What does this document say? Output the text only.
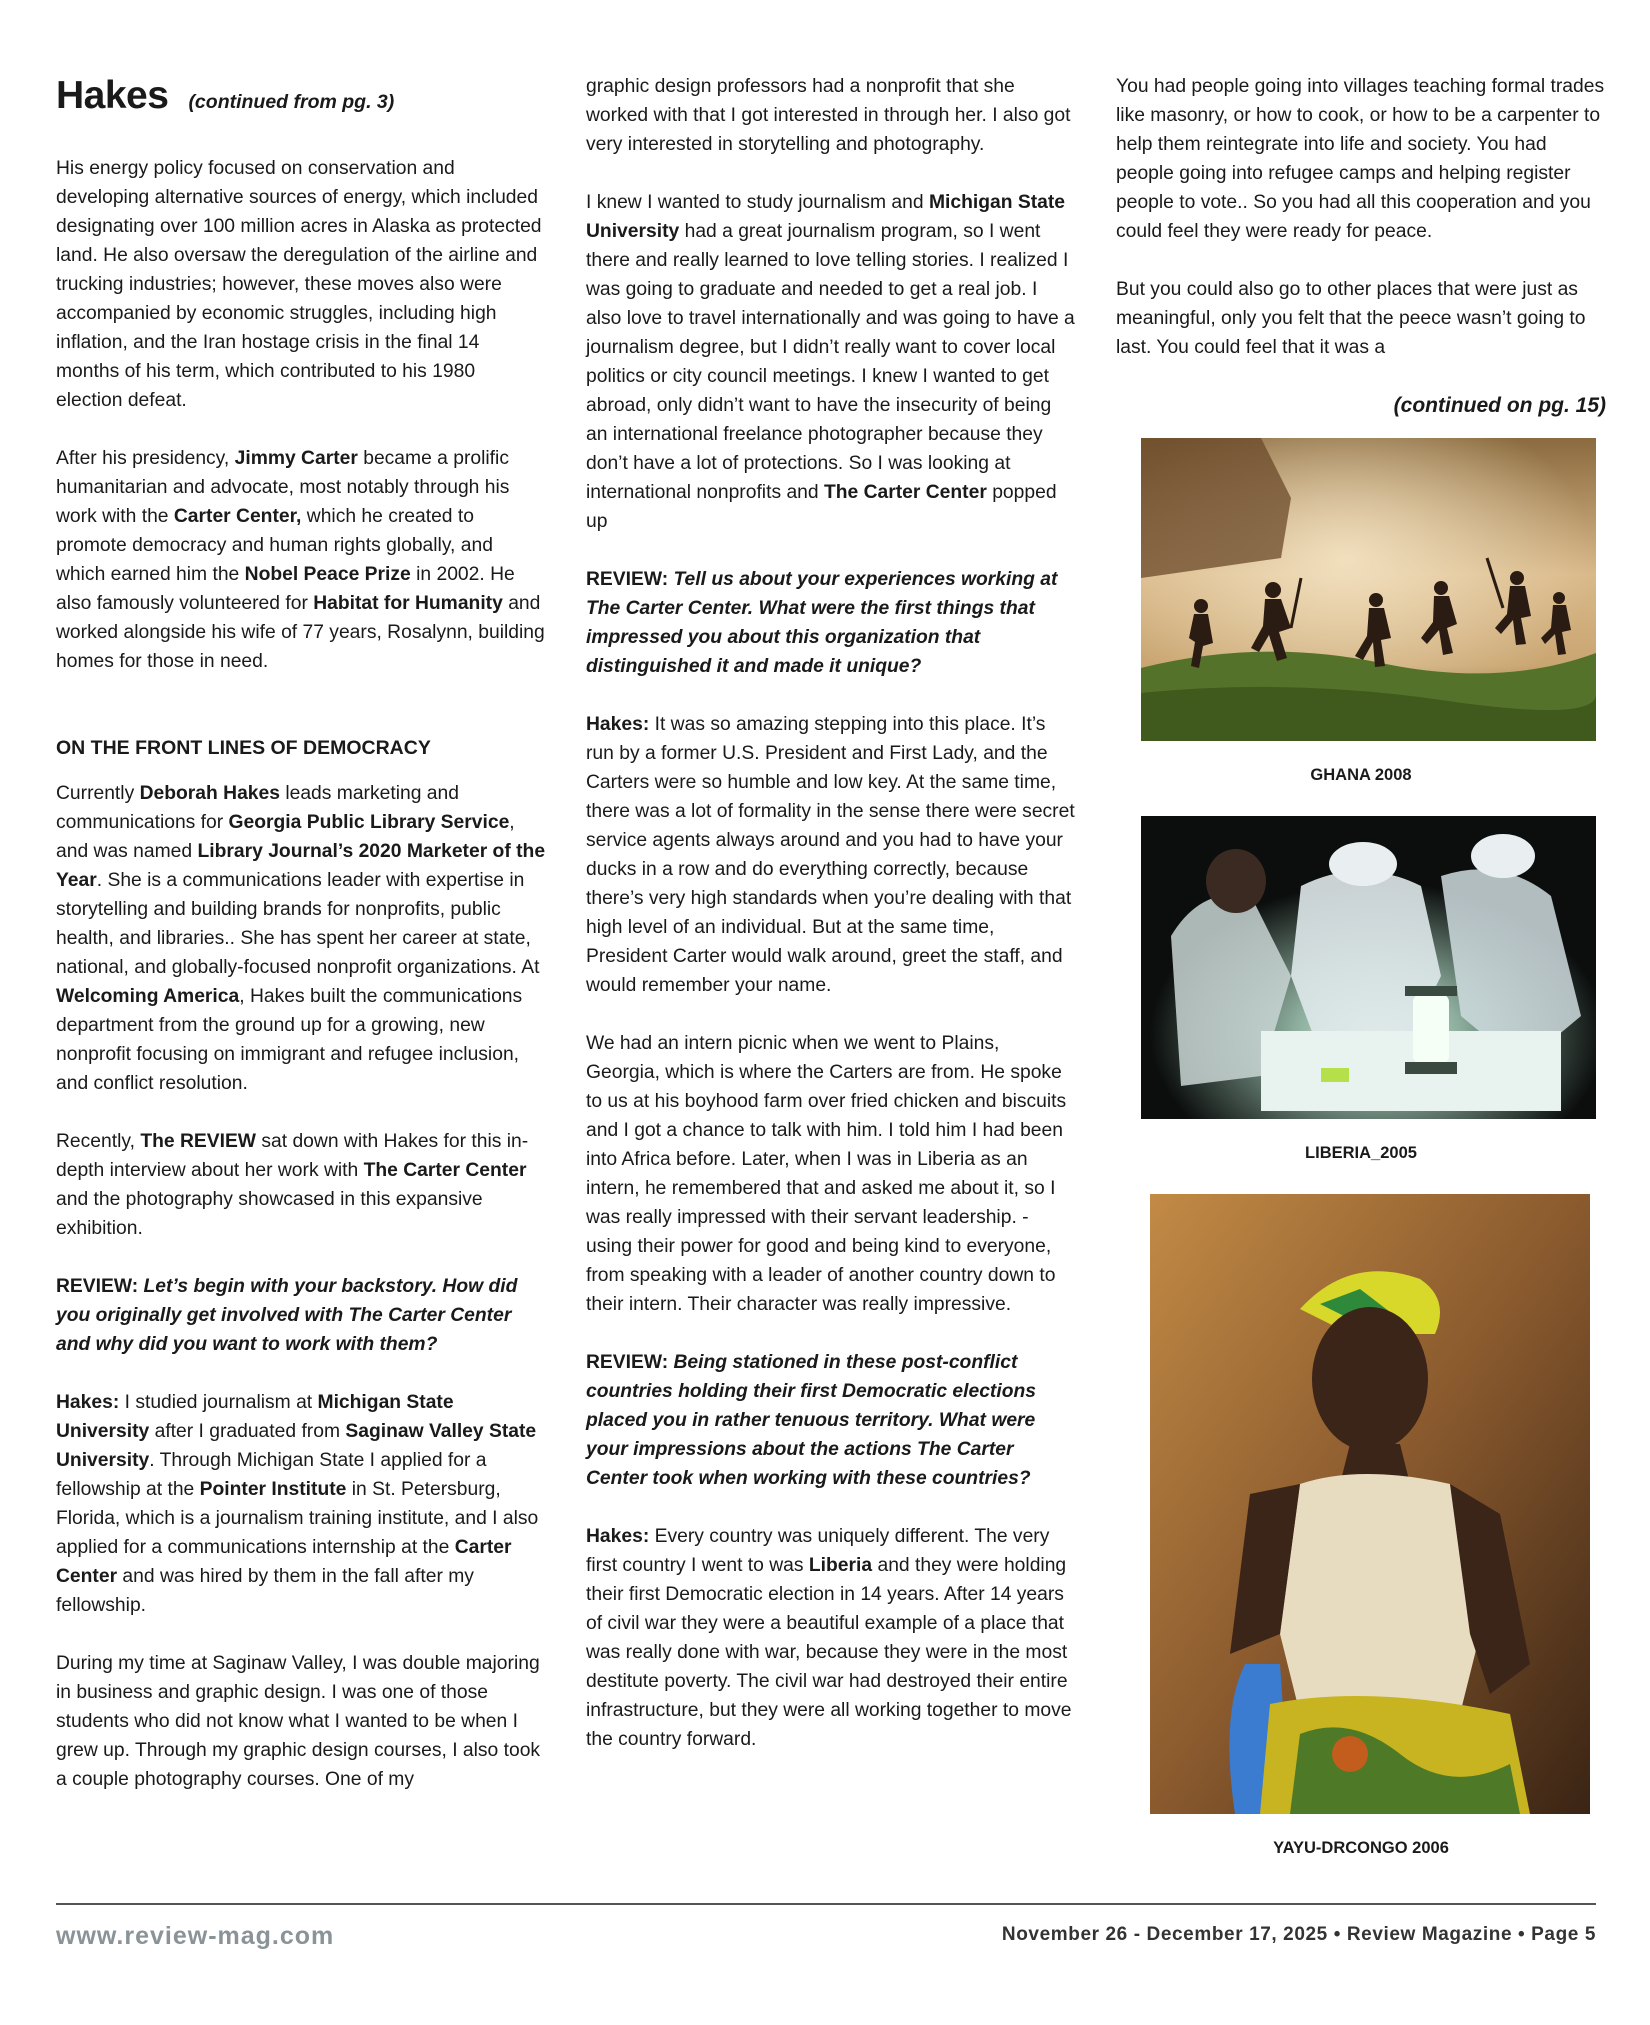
Hakes (continued from pg. 3)

His energy policy focused on conservation and developing alternative sources of energy, which included designating over 100 million acres in Alaska as protected land. He also oversaw the deregulation of the airline and trucking industries; however, these moves also were accompanied by economic struggles, including high inflation, and the Iran hostage crisis in the final 14 months of his term, which contributed to his 1980 election defeat.

After his presidency, Jimmy Carter became a prolific humanitarian and advocate, most notably through his work with the Carter Center, which he created to promote democracy and human rights globally, and which earned him the Nobel Peace Prize in 2002. He also famously volunteered for Habitat for Humanity and worked alongside his wife of 77 years, Rosalynn, building homes for those in need.

ON THE FRONT LINES OF DEMOCRACY

Currently Deborah Hakes leads marketing and communications for Georgia Public Library Service, and was named Library Journal’s 2020 Marketer of the Year. She is a communications leader with expertise in storytelling and building brands for nonprofits, public health, and libraries.. She has spent her career at state, national, and globally-focused nonprofit organizations. At Welcoming America, Hakes built the communications department from the ground up for a growing, new nonprofit focusing on immigrant and refugee inclusion, and conflict resolution.

Recently, The REVIEW sat down with Hakes for this in-depth interview about her work with The Carter Center and the photography showcased in this expansive exhibition.

REVIEW: Let’s begin with your backstory. How did you originally get involved with The Carter Center and why did you want to work with them?

Hakes: I studied journalism at Michigan State University after I graduated from Saginaw Valley State University. Through Michigan State I applied for a fellowship at the Pointer Institute in St. Petersburg, Florida, which is a journalism training institute, and I also applied for a communications internship at the Carter Center and was hired by them in the fall after my fellowship.

During my time at Saginaw Valley, I was double majoring in business and graphic design. I was one of those students who did not know what I wanted to be when I grew up. Through my graphic design courses, I also took a couple photography courses. One of my

graphic design professors had a nonprofit that she worked with that I got interested in through her. I also got very interested in storytelling and photography.

I knew I wanted to study journalism and Michigan State University had a great journalism program, so I went there and really learned to love telling stories. I realized I was going to graduate and needed to get a real job. I also love to travel internationally and was going to have a journalism degree, but I didn’t really want to cover local politics or city council meetings. I knew I wanted to get abroad, only didn’t want to have the insecurity of being an international freelance photographer because they don’t have a lot of protections. So I was looking at international nonprofits and The Carter Center popped up

REVIEW: Tell us about your experiences working at The Carter Center. What were the first things that impressed you about this organization that distinguished it and made it unique?

Hakes: It was so amazing stepping into this place. It’s run by a former U.S. President and First Lady, and the Carters were so humble and low key. At the same time, there was a lot of formality in the sense there were secret service agents always around and you had to have your ducks in a row and do everything correctly, because there’s very high standards when you’re dealing with that high level of an individual. But at the same time, President Carter would walk around, greet the staff, and would remember your name.

We had an intern picnic when we went to Plains, Georgia, which is where the Carters are from. He spoke to us at his boyhood farm over fried chicken and biscuits and I got a chance to talk with him. I told him I had been into Africa before. Later, when I was in Liberia as an intern, he remembered that and asked me about it, so I was really impressed with their servant leadership. - using their power for good and being kind to everyone, from speaking with a leader of another country down to their intern. Their character was really impressive.

REVIEW: Being stationed in these post-conflict countries holding their first Democratic elections placed you in rather tenuous territory. What were your impressions about the actions The Carter Center took when working with these countries?

Hakes: Every country was uniquely different. The very first country I went to was Liberia and they were holding their first Democratic election in 14 years. After 14 years of civil war they were a beautiful example of a place that was really done with war, because they were in the most destitute poverty. The civil war had destroyed their entire infrastructure, but they were all working together to move the country forward.

You had people going into villages teaching formal trades like masonry, or how to cook, or how to be a carpenter to help them reintegrate into life and society. You had people going into refugee camps and helping register people to vote.. So you had all this cooperation and you could feel they were ready for peace.

But you could also go to other places that were just as meaningful, only you felt that the peece wasn’t going to last. You could feel that it was a

(continued on pg. 15)
GHANA 2008
LIBERIA_2005
YAYU-DRCONGO 2006
www.review-mag.com	November 26 - December 17, 2025 • Review Magazine • Page 5
